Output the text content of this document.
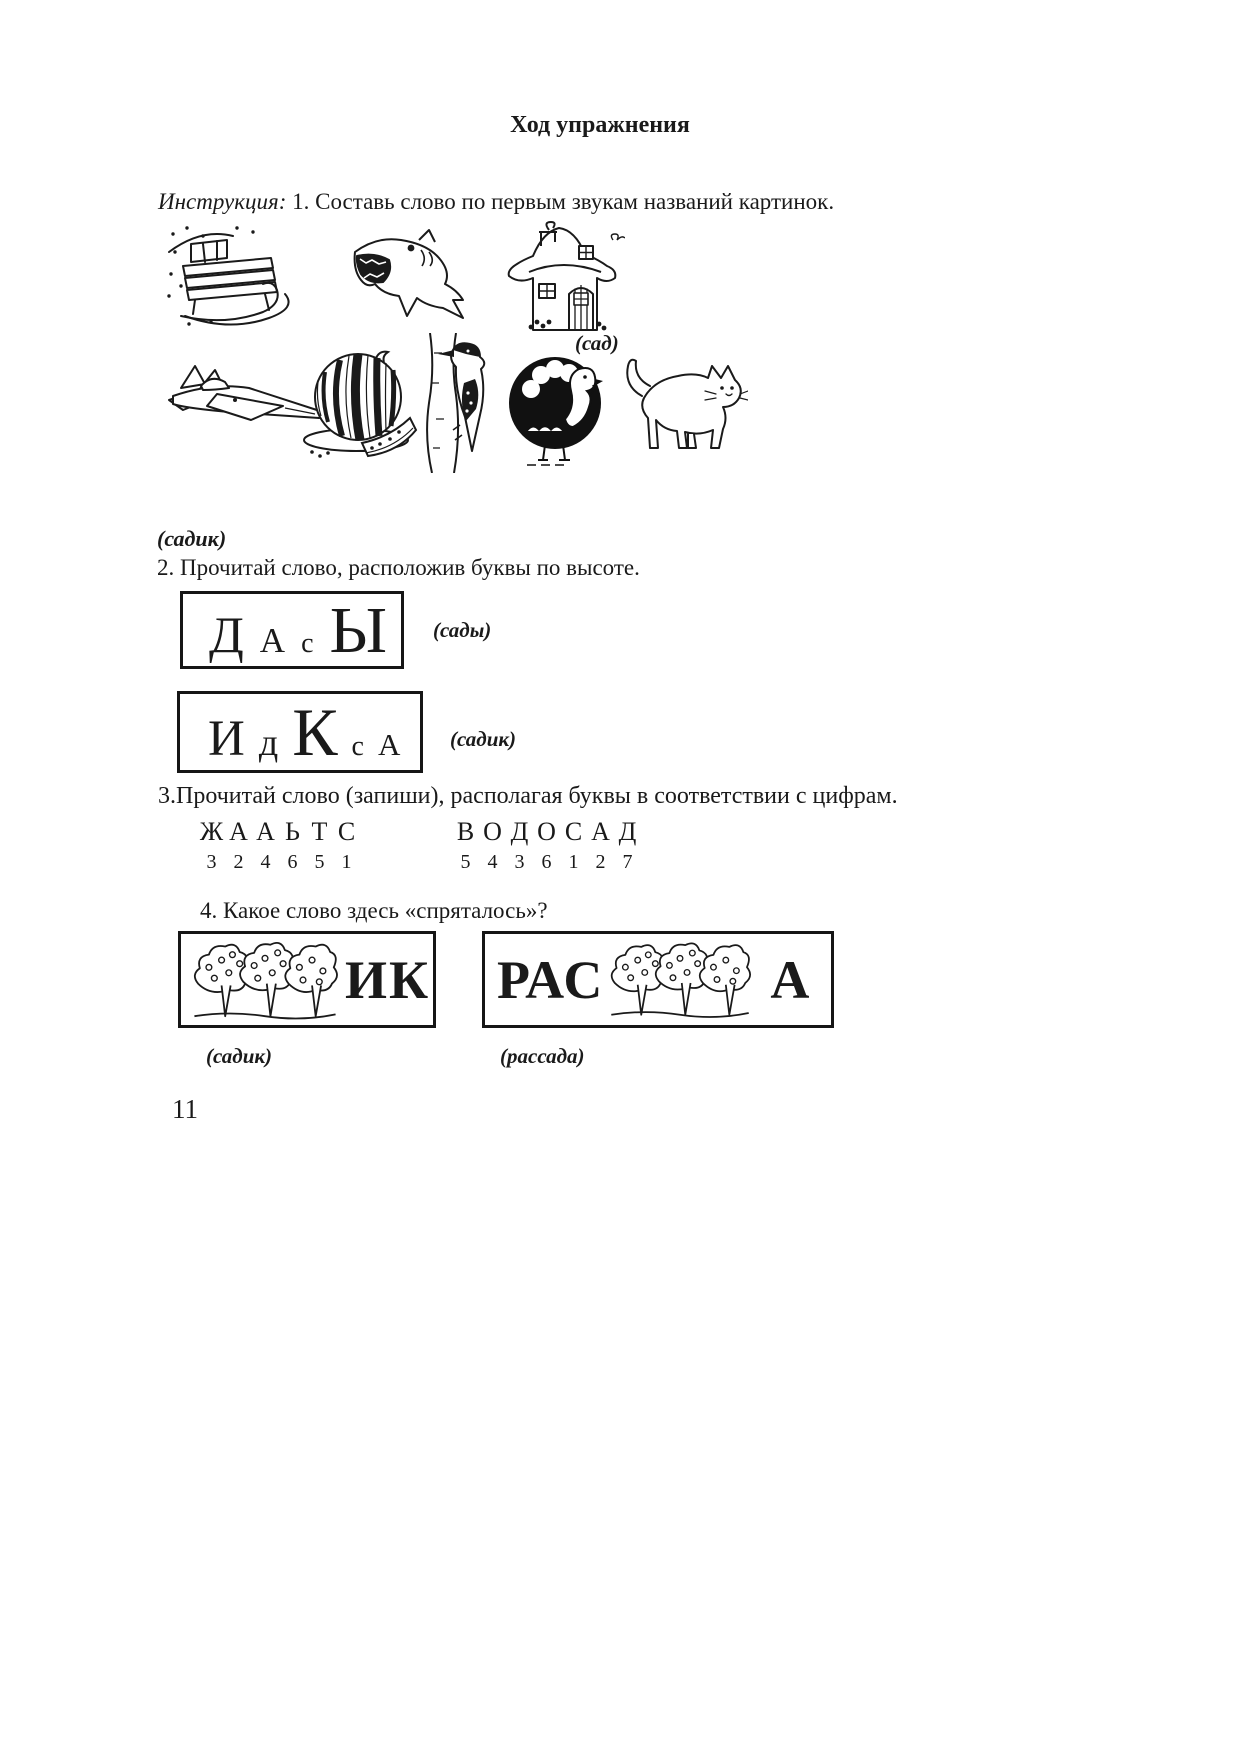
Ход упражнения

Инструкция: 1. Составь слово по первым звукам названий картинок.

(сад)

(садик)

2. Прочитай слово, расположив буквы по высоте.

Д А с Ы (сады)

И д К с А (садик)

3.Прочитай слово (запиши), располагая буквы в соответствии с цифрам.

Ж
3
А
2
А
4
Ь
6
Т
5
С
1
В
5
О
4
Д
3
О
6
С
1
А
2
Д
7

4. Какое слово здесь «спряталось»?

ИК РАС	А

(садик)	(рассада)

11
